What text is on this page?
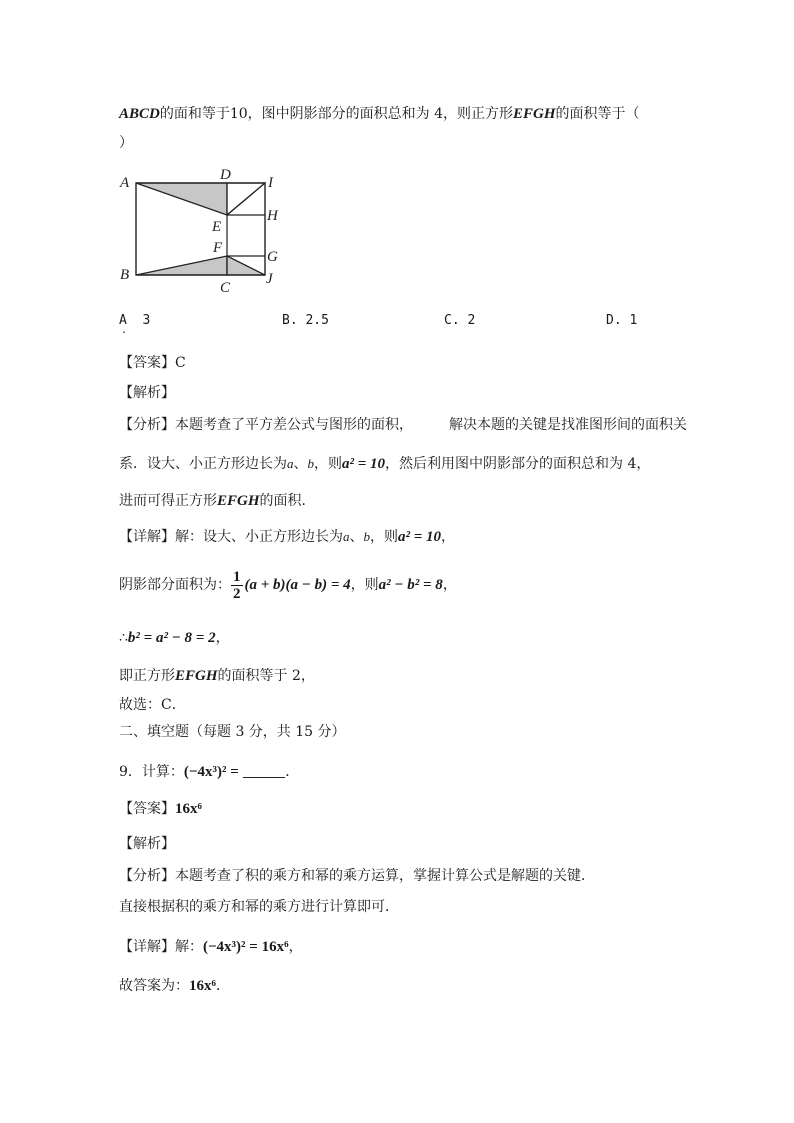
ABCD的面和等于10，图中阴影部分的面积总和为 4，则正方形EFGH的面积等于（
）
A	D I
H
E
F
G
B	J
C
A 3
.
B. 2.5	C. 2	D. 1
【答案】C
【解析】
【分析】本题考查了平方差公式与图形的面积，	解决本题的关键是找准图形间的面积关
系．设大、小正方形边长为a、b，则a² = 10，然后利用图中阴影部分的面积总和为 4，
进而可得正方形EFGH的面积．
【详解】解：设大、小正方形边长为a、b，则a² = 10，
阴影部分面积为： $\frac{1}{2} (a + b)(a - b) = 4$，则a² − b² = 8，
∴b² = a² − 8 = 2，
即正方形EFGH的面积等于 2，
故选：C．
二、填空题（每题 3 分，共 15 分）
9．计算：(−4x³)² =	．
【答案】16x⁶
【解析】
【分析】本题考查了积的乘方和幂的乘方运算，掌握计算公式是解题的关键．
直接根据积的乘方和幂的乘方进行计算即可．
【详解】解：(−4x³)² = 16x⁶，
故答案为：16x⁶．
